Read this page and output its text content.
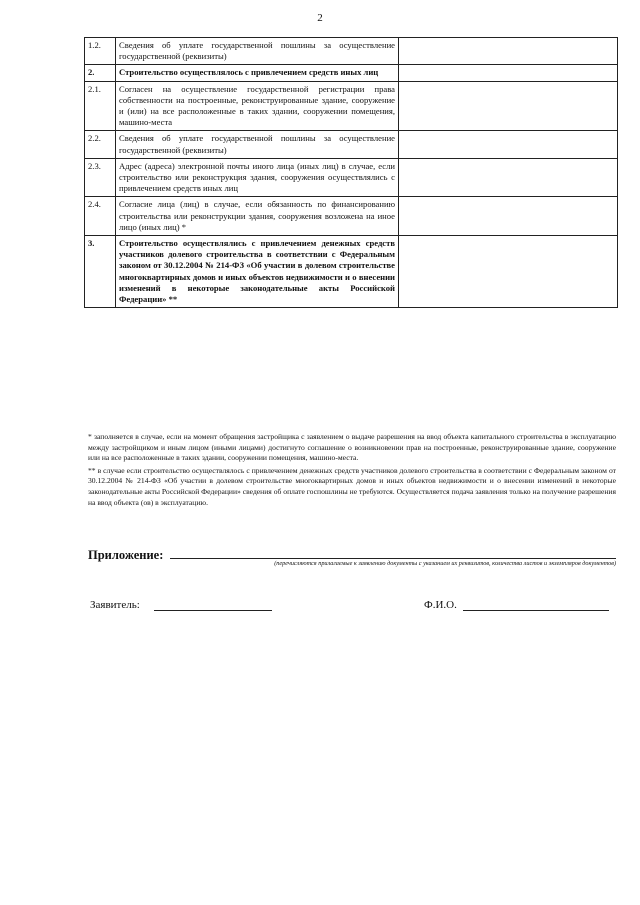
2
1.2.	Сведения об уплате государственной пошлины за осуществление государственной (реквизиты)	
2.	Строительство осуществлялось с привлечением средств иных лиц	
2.1.	Согласен на осуществление государственной регистрации права собственности на построенные, реконструированные здание, сооружение и (или) на все расположенные в таких здании, сооружении помещения, машино-места	
2.2.	Сведения об уплате государственной пошлины за осуществление государственной (реквизиты)	
2.3.	Адрес (адреса) электронной почты иного лица (иных лиц) в случае, если строительство или реконструкция здания, сооружения осуществлялись с привлечением средств иных лиц	
2.4.	Согласие лица (лиц) в случае, если обязанность по финансированию строительства или реконструкции здания, сооружения возложена на иное лицо (иных лиц) *	
3.	Строительство осуществлялись с привлечением денежных средств участников долевого строительства в соответствии с Федеральным законом от 30.12.2004 № 214-ФЗ «Об участии в долевом строительстве многоквартирных домов и иных объектов недвижимости и о внесении изменений в некоторые законодательные акты Российской Федерации» **	

* заполняется в случае, если на момент обращения застройщика с заявлением о выдаче разрешения на ввод объекта капитального строительства в эксплуатацию между застройщиком и иным лицом (иными лицами) достигнуто соглашение о возникновении прав на построенные, реконструированные здание, сооружение или на все расположенные в таких здании, сооружении помещения, машино-места.

** в случае если строительство осуществлялось с привлечением денежных средств участников долевого строительства в соответствии с Федеральным законом от 30.12.2004 № 214-ФЗ «Об участии в долевом строительстве многоквартирных домов и иных объектов недвижимости и о внесении изменений в некоторые законодательные акты Российской Федерации» сведения об оплате госпошлины не требуются. Осуществляется подача заявления только на получение разрешения на ввод объекта (ов) в эксплуатацию.

Приложение:
(перечисляются прилагаемые к заявлению документы с указанием их реквизитов, количества листов и экземпляров документов)
Заявитель:	Ф.И.О.
